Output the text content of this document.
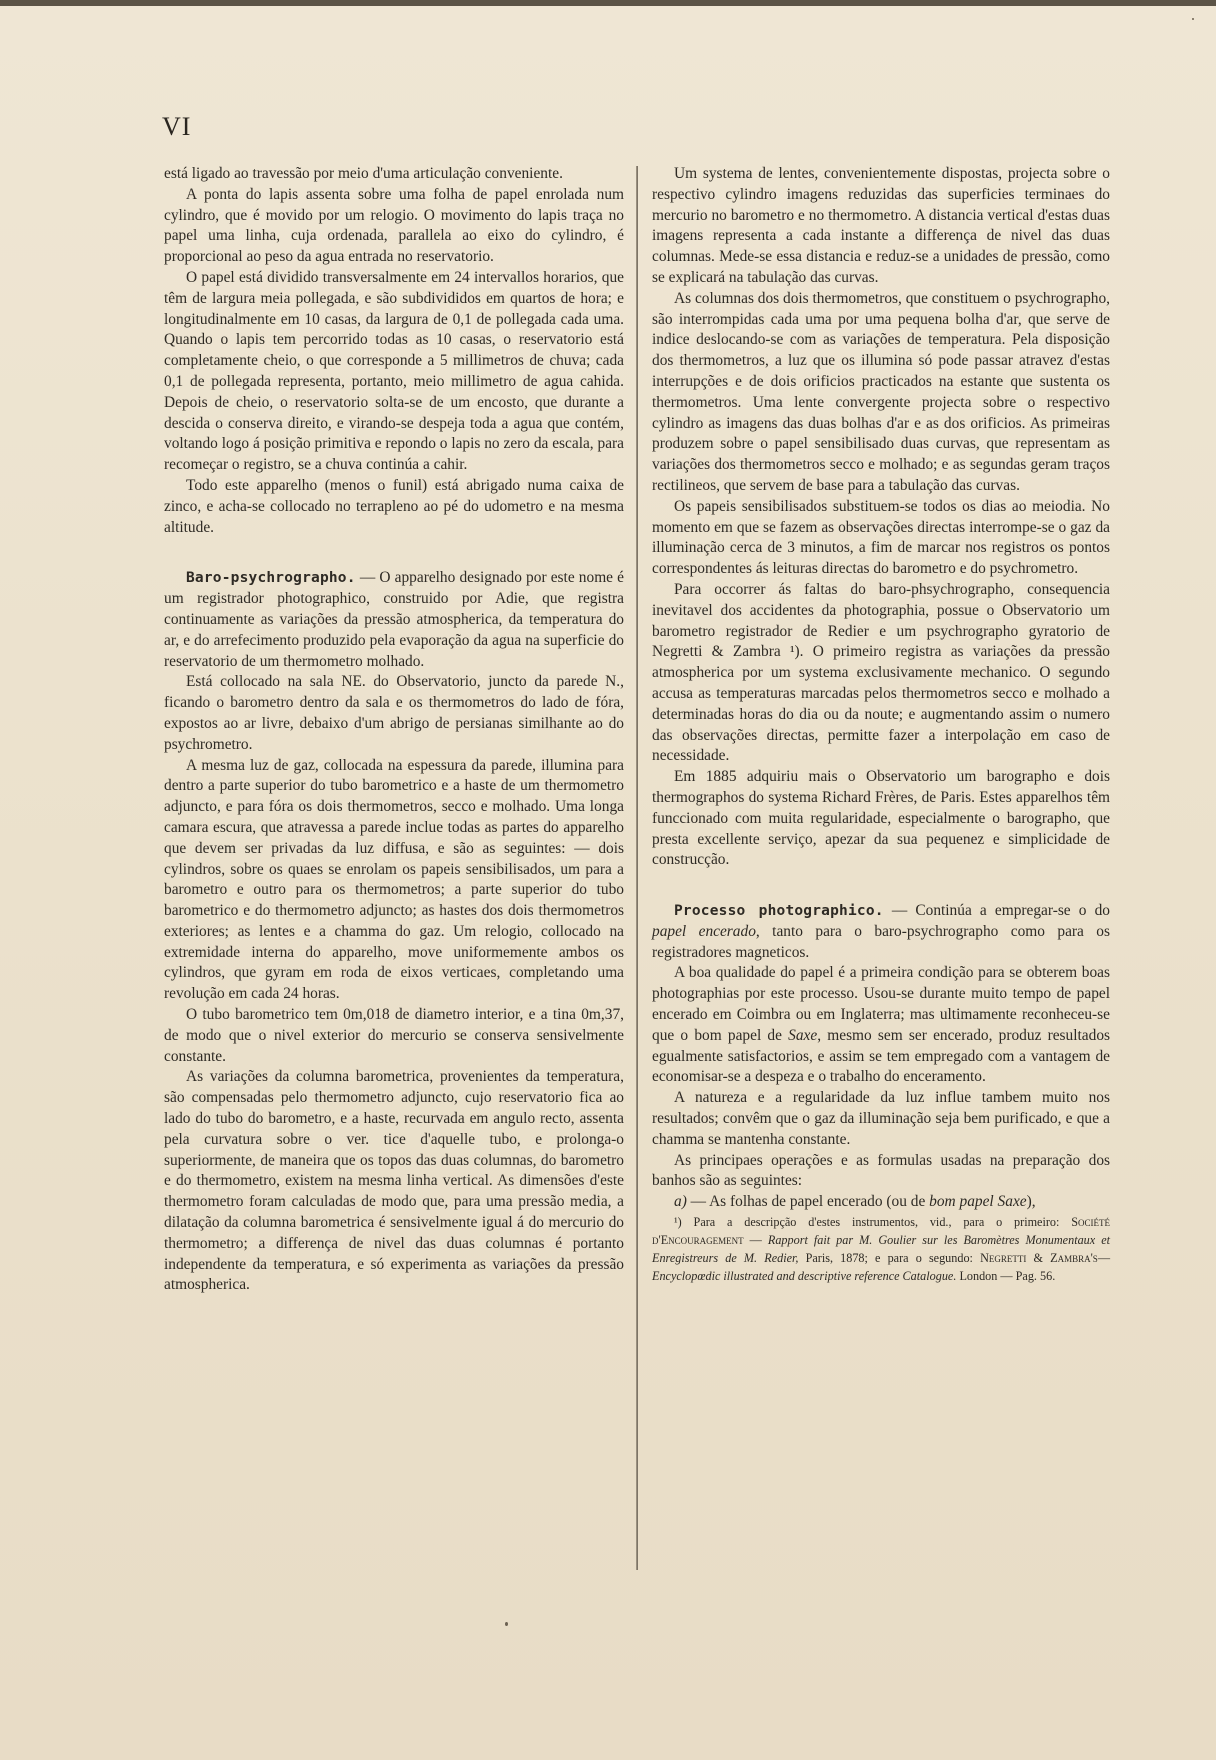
VI

está ligado ao travessão por meio d'uma articulação conveniente.

A ponta do lapis assenta sobre uma folha de papel enrolada num cylindro, que é movido por um relogio. O movimento do lapis traça no papel uma linha, cuja ordenada, parallela ao eixo do cylindro, é proporcional ao peso da agua entrada no reservatorio.

O papel está dividido transversalmente em 24 intervallos horarios, que têm de largura meia pollegada, e são subdivididos em quartos de hora; e longitudinalmente em 10 casas, da largura de 0,1 de pollegada cada uma. Quando o lapis tem percorrido todas as 10 casas, o reservatorio está completamente cheio, o que corresponde a 5 millimetros de chuva; cada 0,1 de pollegada representa, portanto, meio millimetro de agua cahida. Depois de cheio, o reservatorio solta-se de um encosto, que durante a descida o conserva direito, e virando-se despeja toda a agua que contém, voltando logo á posição primitiva e repondo o lapis no zero da escala, para recomeçar o registro, se a chuva continúa a cahir.

Todo este apparelho (menos o funil) está abrigado numa caixa de zinco, e acha-se collocado no terrapleno ao pé do udometro e na mesma altitude.

Baro-psychrographo. — O apparelho designado por este nome é um registrador photographico, construido por Adie, que registra continuamente as variações da pressão atmospherica, da temperatura do ar, e do arrefecimento produzido pela evaporação da agua na superficie do reservatorio de um thermometro molhado.

Está collocado na sala NE. do Observatorio, juncto da parede N., ficando o barometro dentro da sala e os thermometros do lado de fóra, expostos ao ar livre, debaixo d'um abrigo de persianas similhante ao do psychrometro.

A mesma luz de gaz, collocada na espessura da parede, illumina para dentro a parte superior do tubo barometrico e a haste de um thermometro adjuncto, e para fóra os dois thermometros, secco e molhado. Uma longa camara escura, que atravessa a parede inclue todas as partes do apparelho que devem ser privadas da luz diffusa, e são as seguintes: — dois cylindros, sobre os quaes se enrolam os papeis sensibilisados, um para a barometro e outro para os thermometros; a parte superior do tubo barometrico e do thermometro adjuncto; as hastes dos dois thermometros exteriores; as lentes e a chamma do gaz. Um relogio, collocado na extremidade interna do apparelho, move uniformemente ambos os cylindros, que gyram em roda de eixos verticaes, completando uma revolução em cada 24 horas.

O tubo barometrico tem 0m,018 de diametro interior, e a tina 0m,37, de modo que o nivel exterior do mercurio se conserva sensivelmente constante.

As variações da columna barometrica, provenientes da temperatura, são compensadas pelo thermometro adjuncto, cujo reservatorio fica ao lado do tubo do barometro, e a haste, recurvada em angulo recto, assenta pela curvatura sobre o ver. tice d'aquelle tubo, e prolonga-o superiormente, de maneira que os topos das duas columnas, do barometro e do thermometro, existem na mesma linha vertical. As dimensões d'este thermometro foram calculadas de modo que, para uma pressão media, a dilatação da columna barometrica é sensivelmente igual á do mercurio do thermometro; a differença de nivel das duas columnas é portanto independente da temperatura, e só experimenta as variações da pressão atmospherica.

Um systema de lentes, convenientemente dispostas, projecta sobre o respectivo cylindro imagens reduzidas das superficies terminaes do mercurio no barometro e no thermometro. A distancia vertical d'estas duas imagens representa a cada instante a differença de nivel das duas columnas. Mede-se essa distancia e reduz-se a unidades de pressão, como se explicará na tabulação das curvas.

As columnas dos dois thermometros, que constituem o psychrographo, são interrompidas cada uma por uma pequena bolha d'ar, que serve de indice deslocando-se com as variações de temperatura. Pela disposição dos thermometros, a luz que os illumina só pode passar atravez d'estas interrupções e de dois orificios practicados na estante que sustenta os thermometros. Uma lente convergente projecta sobre o respectivo cylindro as imagens das duas bolhas d'ar e as dos orificios. As primeiras produzem sobre o papel sensibilisado duas curvas, que representam as variações dos thermometros secco e molhado; e as segundas geram traços rectilineos, que servem de base para a tabulação das curvas.

Os papeis sensibilisados substituem-se todos os dias ao meiodia. No momento em que se fazem as observações directas interrompe-se o gaz da illuminação cerca de 3 minutos, a fim de marcar nos registros os pontos correspondentes ás leituras directas do barometro e do psychrometro.

Para occorrer ás faltas do baro-phsychrographo, consequencia inevitavel dos accidentes da photographia, possue o Observatorio um barometro registrador de Redier e um psychrographo gyratorio de Negretti & Zambra ¹). O primeiro registra as variações da pressão atmospherica por um systema exclusivamente mechanico. O segundo accusa as temperaturas marcadas pelos thermometros secco e molhado a determinadas horas do dia ou da noute; e augmentando assim o numero das observações directas, permitte fazer a interpolação em caso de necessidade.

Em 1885 adquiriu mais o Observatorio um barographo e dois thermographos do systema Richard Frères, de Paris. Estes apparelhos têm funccionado com muita regularidade, especialmente o barographo, que presta excellente serviço, apezar da sua pequenez e simplicidade de construcção.

Processo photographico. — Continúa a empregar-se o do papel encerado, tanto para o baro-psychrographo como para os registradores magneticos.

A boa qualidade do papel é a primeira condição para se obterem boas photographias por este processo. Usou-se durante muito tempo de papel encerado em Coimbra ou em Inglaterra; mas ultimamente reconheceu-se que o bom papel de Saxe, mesmo sem ser encerado, produz resultados egualmente satisfactorios, e assim se tem empregado com a vantagem de economisar-se a despeza e o trabalho do enceramento.

A natureza e a regularidade da luz influe tambem muito nos resultados; convêm que o gaz da illuminação seja bem purificado, e que a chamma se mantenha constante.

As principaes operações e as formulas usadas na preparação dos banhos são as seguintes:

a) — As folhas de papel encerado (ou de bom papel Saxe),

¹) Para a descripção d'estes instrumentos, vid., para o primeiro: Société d'Encouragement — Rapport fait par M. Goulier sur les Baromètres Monumentaux et Enregistreurs de M. Redier, Paris, 1878; e para o segundo: Negretti & Zambra's—Encyclopœdic illustrated and descriptive reference Catalogue. London — Pag. 56.
